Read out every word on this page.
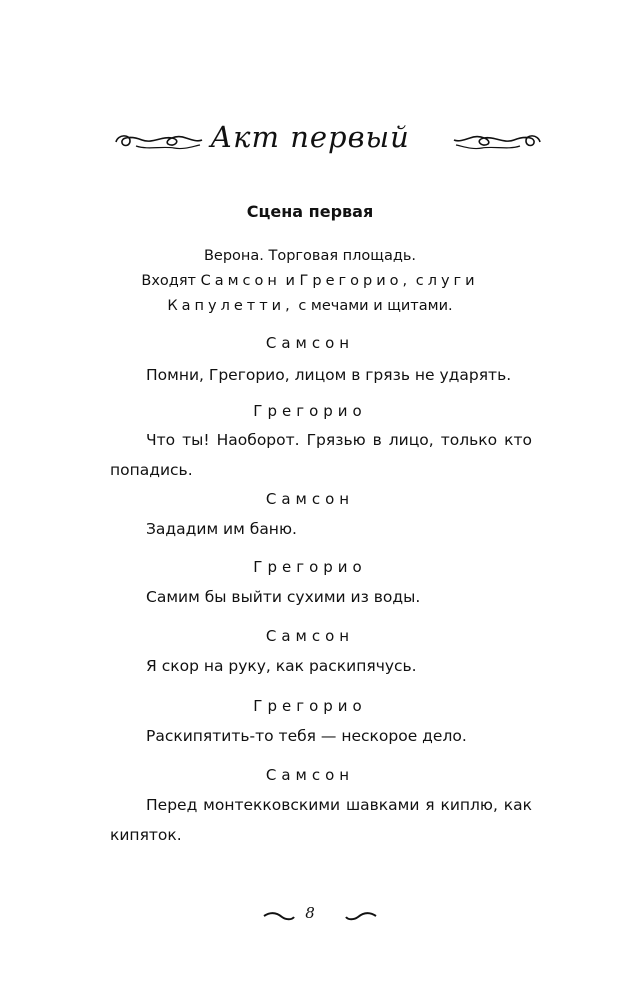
Акт первый
Сцена первая
Верона. Торговая площадь.
Входят Самсон и Грегорио, слуги
Капулетти, с мечами и щитами.
Самсон
Помни, Грегорио, лицом в грязь не ударять.
Грегорио
Что ты! Наоборот. Грязью в лицо, только кто попадись.
Самсон
Зададим им баню.
Грегорио
Самим бы выйти сухими из воды.
Самсон
Я скор на руку, как раскипячусь.
Грегорио
Раскипятить-то тебя — нескорое дело.
Самсон
Перед монтекковскими шавками я киплю, как кипяток.
8
